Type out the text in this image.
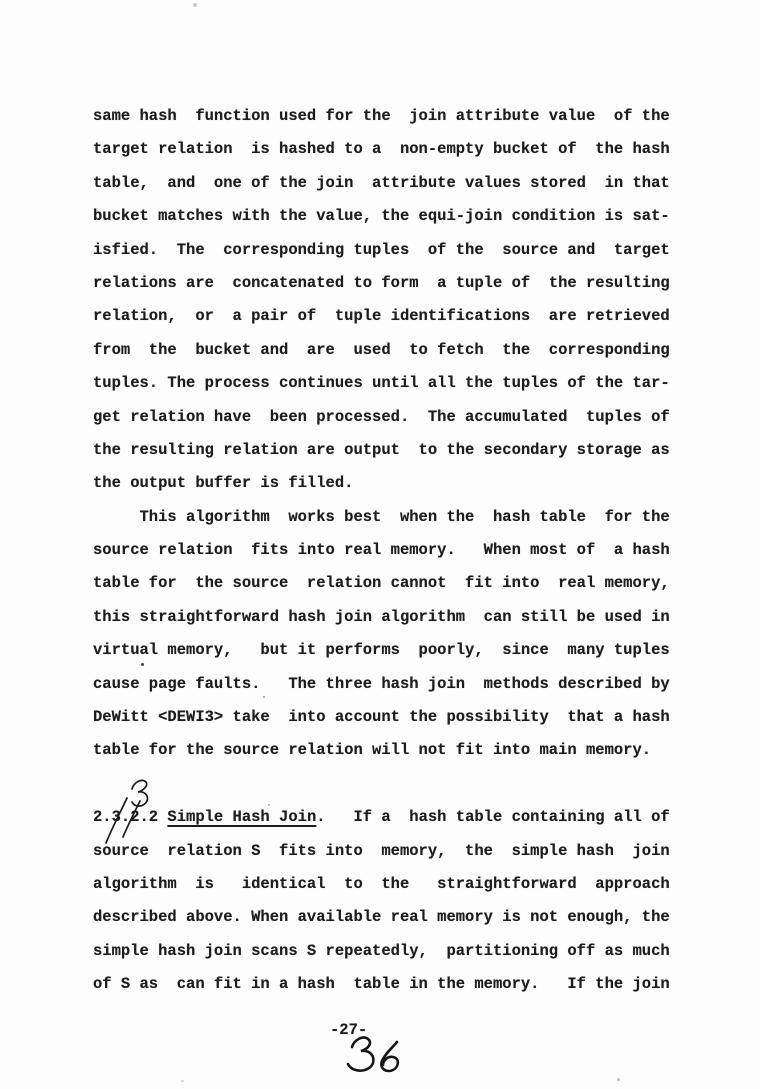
same hash  function used for the  join attribute value  of the
target relation  is hashed to a  non-empty bucket of  the hash
table,  and  one of the join  attribute values stored  in that
bucket matches with the value, the equi-join condition is sat-
isfied.  The  corresponding tuples  of the  source and  target
relations are  concatenated to form  a tuple of  the resulting
relation,  or  a pair of  tuple identifications  are retrieved
from  the  bucket and  are  used  to fetch  the  corresponding
tuples. The process continues until all the tuples of the tar-
get relation have  been processed.  The accumulated  tuples of
the resulting relation are output  to the secondary storage as
the output buffer is filled.
This algorithm  works best  when the  hash table  for the
source relation  fits into real memory.   When most of  a hash
table for  the source  relation cannot  fit into  real memory,
this straightforward hash join algorithm  can still be used in
virtual memory,   but it performs  poorly,  since  many tuples
cause page faults.   The three hash join  methods described by
DeWitt <DEWI3> take  into account the possibility  that a hash
table for the source relation will not fit into main memory.
2.3.2.2 Simple Hash Join.   If a  hash table containing all of
source  relation S  fits into  memory,  the  simple hash  join
algorithm  is   identical  to  the   straightforward  approach
described above. When available real memory is not enough, the
simple hash join scans S repeatedly,  partitioning off as much
of S as  can fit in a hash  table in the memory.   If the join
-27-
